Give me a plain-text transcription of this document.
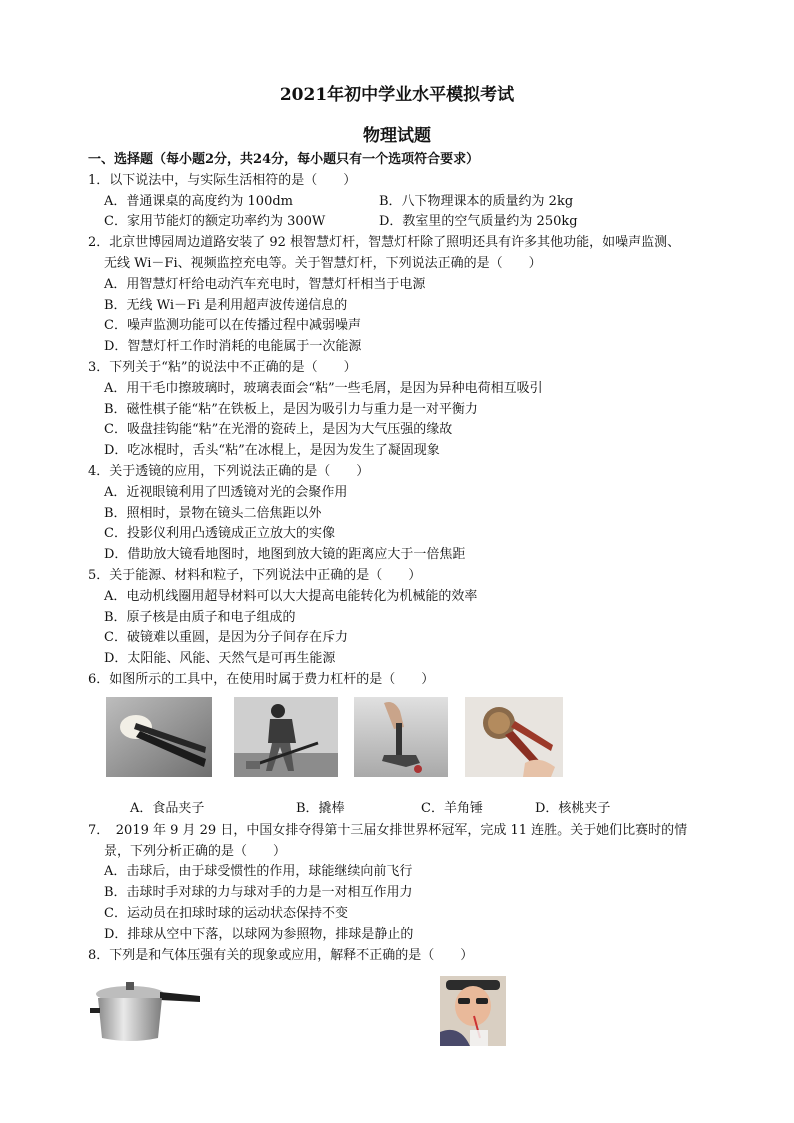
2021年初中学业水平模拟考试
物理试题
一、选择题（每小题2分，共24分，每小题只有一个选项符合要求）
1．以下说法中，与实际生活相符的是（　　）
A．普通课桌的高度约为 100dm	B．八下物理课本的质量约为 2kg
C．家用节能灯的额定功率约为 300W	D．教室里的空气质量约为 250kg
2．北京世博园周边道路安装了 92 根智慧灯杆，智慧灯杆除了照明还具有许多其他功能，如噪声监测、
无线 Wi－Fi、视频监控充电等。关于智慧灯杆，下列说法正确的是（　　）
A．用智慧灯杆给电动汽车充电时，智慧灯杆相当于电源
B．无线 Wi－Fi 是利用超声波传递信息的
C．噪声监测功能可以在传播过程中减弱噪声
D．智慧灯杆工作时消耗的电能属于一次能源
3．下列关于“粘”的说法中不正确的是（　　）
A．用干毛巾擦玻璃时，玻璃表面会“粘”一些毛屑，是因为异种电荷相互吸引
B．磁性棋子能“粘”在铁板上，是因为吸引力与重力是一对平衡力
C．吸盘挂钩能“粘”在光滑的瓷砖上，是因为大气压强的缘故
D．吃冰棍时，舌头“粘”在冰棍上，是因为发生了凝固现象
4．关于透镜的应用，下列说法正确的是（　　）
A．近视眼镜利用了凹透镜对光的会聚作用
B．照相时，景物在镜头二倍焦距以外
C．投影仪利用凸透镜成正立放大的实像
D．借助放大镜看地图时，地图到放大镜的距离应大于一倍焦距
5．关于能源、材料和粒子，下列说法中正确的是（　　）
A．电动机线圈用超导材料可以大大提高电能转化为机械能的效率
B．原子核是由质子和电子组成的
C．破镜难以重圆，是因为分子间存在斥力
D．太阳能、风能、天然气是可再生能源
6．如图所示的工具中，在使用时属于费力杠杆的是（　　）
A．食品夹子	B．撬棒	C．羊角锤	D．核桃夹子
7．　2019 年 9 月 29 日，中国女排夺得第十三届女排世界杯冠军，完成 11 连胜。关于她们比赛时的情
景，下列分析正确的是（　　）
A．击球后，由于球受惯性的作用，球能继续向前飞行
B．击球时手对球的力与球对手的力是一对相互作用力
C．运动员在扣球时球的运动状态保持不变
D．排球从空中下落，以球网为参照物，排球是静止的
8．下列是和气体压强有关的现象或应用，解释不正确的是（　　）
